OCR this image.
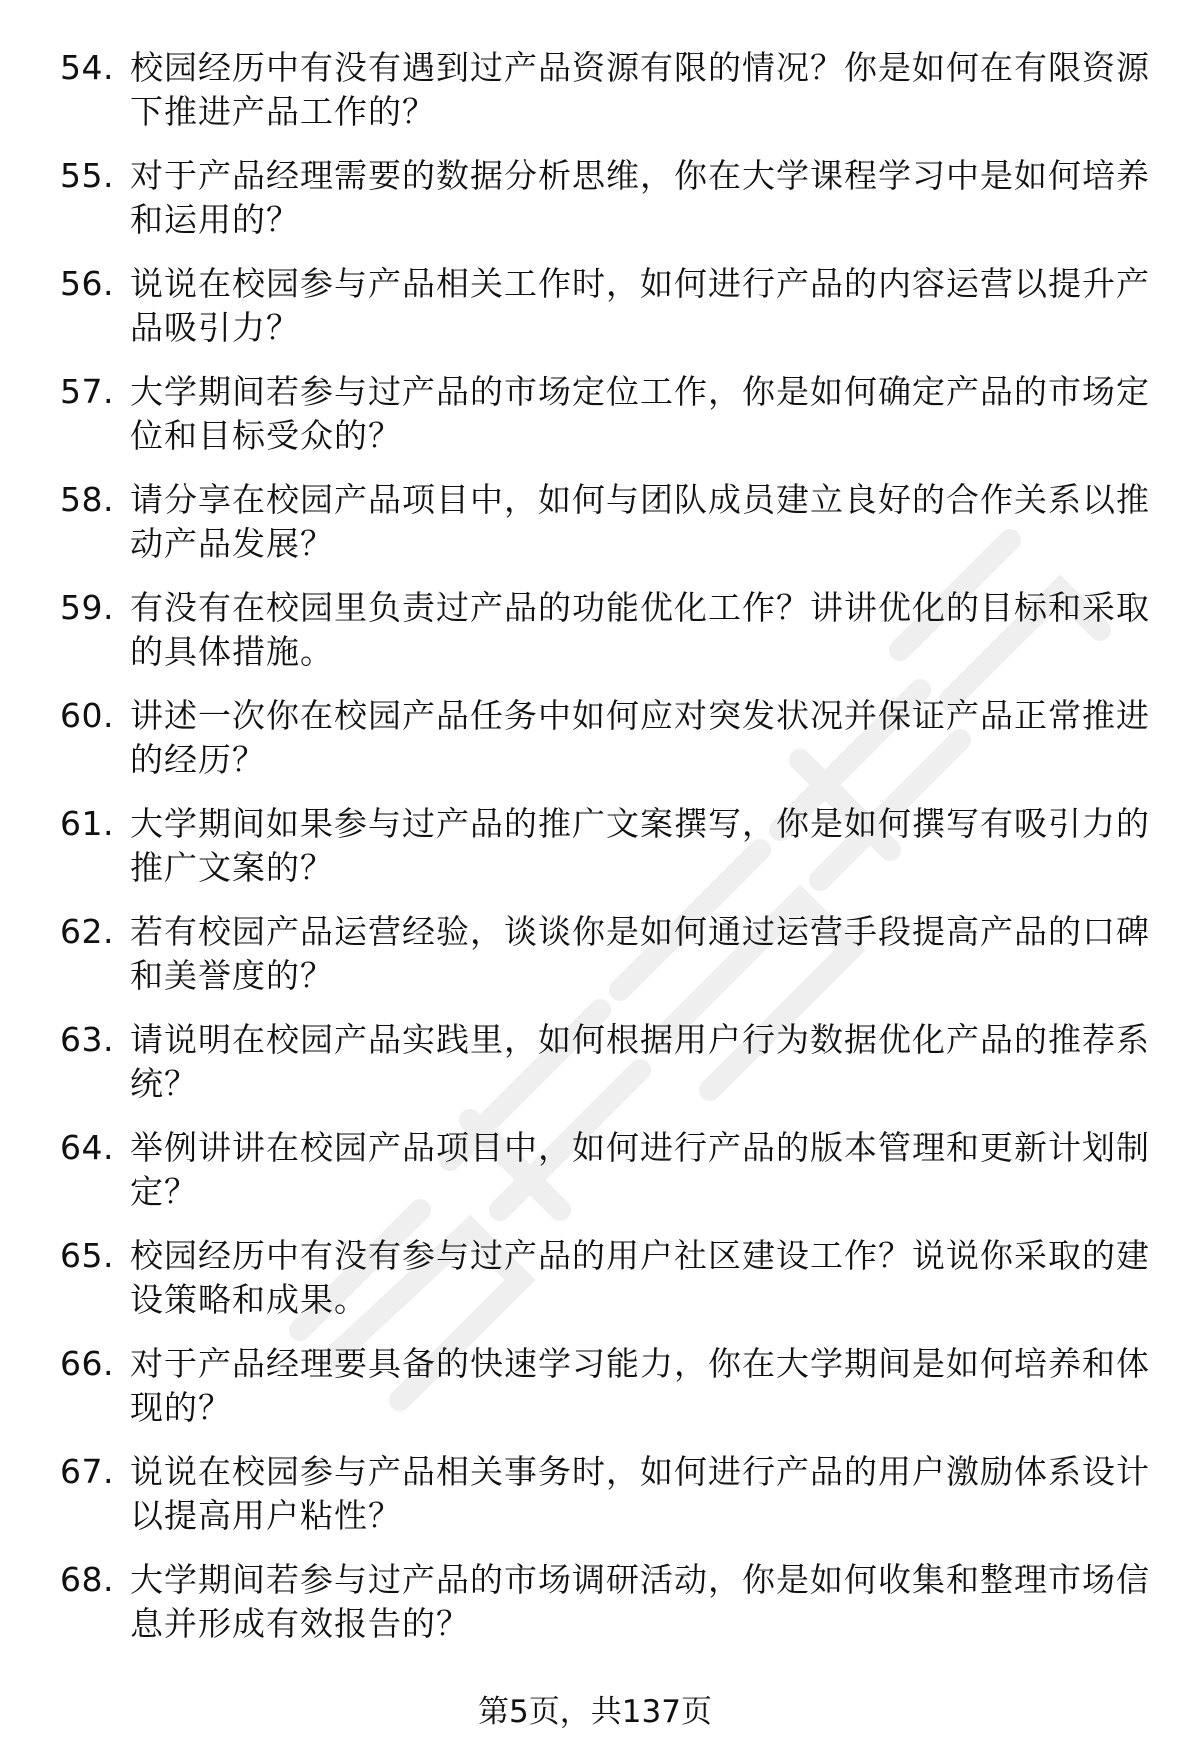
54. 校园经历中有没有遇到过产品资源有限的情况？你是如何在有限资源下推进产品工作的？
55. 对于产品经理需要的数据分析思维，你在大学课程学习中是如何培养和运用的？
56. 说说在校园参与产品相关工作时，如何进行产品的内容运营以提升产品吸引力？
57. 大学期间若参与过产品的市场定位工作，你是如何确定产品的市场定位和目标受众的？
58. 请分享在校园产品项目中，如何与团队成员建立良好的合作关系以推动产品发展？
59. 有没有在校园里负责过产品的功能优化工作？讲讲优化的目标和采取的具体措施。
60. 讲述一次你在校园产品任务中如何应对突发状况并保证产品正常推进的经历？
61. 大学期间如果参与过产品的推广文案撰写，你是如何撰写有吸引力的推广文案的？
62. 若有校园产品运营经验，谈谈你是如何通过运营手段提高产品的口碑和美誉度的？
63. 请说明在校园产品实践里，如何根据用户行为数据优化产品的推荐系统？
64. 举例讲讲在校园产品项目中，如何进行产品的版本管理和更新计划制定？
65. 校园经历中有没有参与过产品的用户社区建设工作？说说你采取的建设策略和成果。
66. 对于产品经理要具备的快速学习能力，你在大学期间是如何培养和体现的？
67. 说说在校园参与产品相关事务时，如何进行产品的用户激励体系设计以提高用户粘性？
68. 大学期间若参与过产品的市场调研活动，你是如何收集和整理市场信息并形成有效报告的？
第5页，共137页
